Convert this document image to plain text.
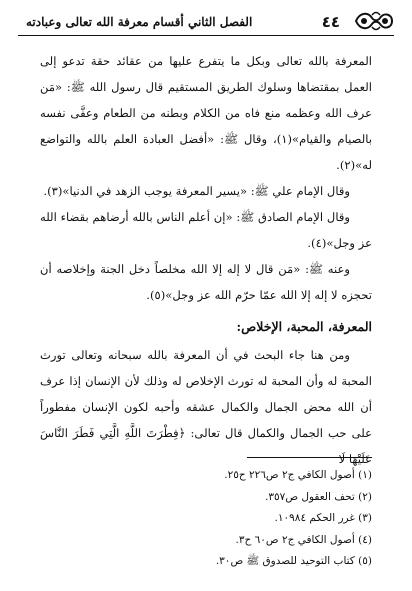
٤٤
الفصل الثاني أقسام معرفة الله تعالى وعبادته

المعرفة بالله تعالى وبكل ما يتفرع عليها من عقائد حقة تدعو إلى العمل بمقتضاها وسلوك الطريق المستقيم قال رسول الله ﷺ: «مَن عرف الله وعظمه منع فاه من الكلام وبطنه من الطعام وعفَّى نفسه بالصيام والقيام»(١)، وقال ﷺ: «أفضل العبادة العلم بالله والتواضع له»(٢).

وقال الإمام علي ﷺ: «يسير المعرفة يوجب الزهد في الدنيا»(٣).

وقال الإمام الصادق ﷺ: «إن أعلم الناس بالله أرضاهم بقضاء الله عز وجل»(٤).

وعنه ﷺ: «مَن قال لا إله إلا الله مخلصاً دخل الجنة وإخلاصه أن تحجزه لا إله إلا الله عمّا حرّم الله عز وجل»(٥).

المعرفة، المحبة، الإخلاص:

ومن هنا جاء البحث في أن المعرفة بالله سبحانه وتعالى تورث المحبة له وأن المحبة له تورث الإخلاص له وذلك لأن الإنسان إذا عرف أن الله محض الجمال والكمال عشقه وأحبه لكون الإنسان مفطوراً على حب الجمال والكمال قال تعالى: ﴿فِطْرَتَ اللَّهِ الَّتِي فَطَرَ النَّاسَ عَلَيْهَا لَا

(١) أصول الكافي ج٢ ص٢٢٦ ح٢٥.
(٢) تحف العقول ص٣٥٧.
(٣) غرر الحكم ١٠٩٨٤.
(٤) أصول الكافي ج٢ ص٦٠ ح٣.
(٥) كتاب التوحيد للصدوق ﷺ ص٣٠.
